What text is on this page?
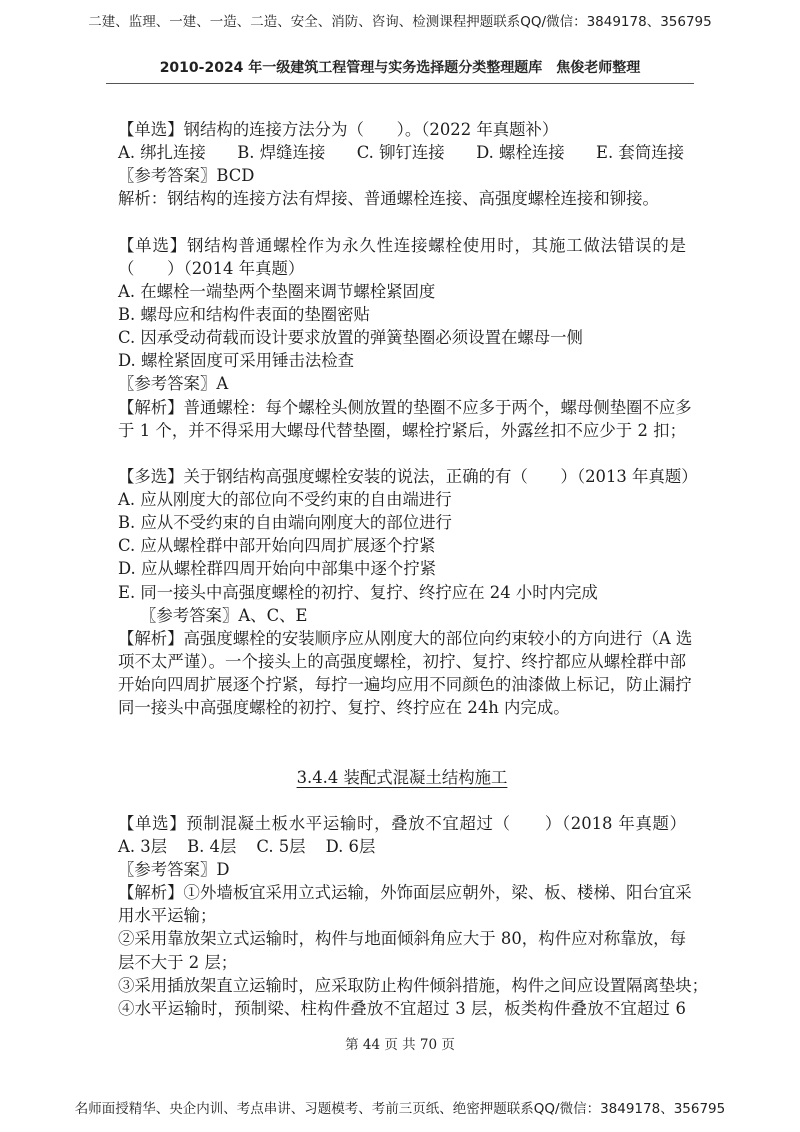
二建、监理、一建、一造、二造、安全、消防、咨询、检测课程押题联系QQ/微信：3849178、356795
2010-2024 年一级建筑工程管理与实务选择题分类整理题库　焦俊老师整理
【单选】钢结构的连接方法分为（　　）。（2022 年真题补）
A. 绑扎连接 B. 焊缝连接 C. 铆钉连接 D. 螺栓连接 E. 套筒连接
〖参考答案〗BCD
解析：钢结构的连接方法有焊接、普通螺栓连接、高强度螺栓连接和铆接。
【单选】钢结构普通螺栓作为永久性连接螺栓使用时，其施工做法错误的是
（　　）（2014 年真题）
A. 在螺栓一端垫两个垫圈来调节螺栓紧固度
B. 螺母应和结构件表面的垫圈密贴
C. 因承受动荷载而设计要求放置的弹簧垫圈必须设置在螺母一侧
D. 螺栓紧固度可采用锤击法检查
〖参考答案〗A
【解析】普通螺栓：每个螺栓头侧放置的垫圈不应多于两个，螺母侧垫圈不应多
于 1 个，并不得采用大螺母代替垫圈，螺栓拧紧后，外露丝扣不应少于 2 扣；
【多选】关于钢结构高强度螺栓安装的说法，正确的有（　　）（2013 年真题）
A. 应从刚度大的部位向不受约束的自由端进行
B. 应从不受约束的自由端向刚度大的部位进行
C. 应从螺栓群中部开始向四周扩展逐个拧紧
D. 应从螺栓群四周开始向中部集中逐个拧紧
E. 同一接头中高强度螺栓的初拧、复拧、终拧应在 24 小时内完成
〖参考答案〗A、C、E
【解析】高强度螺栓的安装顺序应从刚度大的部位向约束较小的方向进行（A 选
项不太严谨）。一个接头上的高强度螺栓，初拧、复拧、终拧都应从螺栓群中部
开始向四周扩展逐个拧紧，每拧一遍均应用不同颜色的油漆做上标记，防止漏拧
同一接头中高强度螺栓的初拧、复拧、终拧应在 24h 内完成。
3.4.4 装配式混凝土结构施工
【单选】预制混凝土板水平运输时，叠放不宜超过（　　）（2018 年真题）
A. 3层 B. 4层 C. 5层 D. 6层
〖参考答案〗D
【解析】①外墙板宜采用立式运输，外饰面层应朝外，梁、板、楼梯、阳台宜采
用水平运输；
②采用靠放架立式运输时，构件与地面倾斜角应大于 80，构件应对称靠放，每
层不大于 2 层；
③采用插放架直立运输时，应采取防止构件倾斜措施，构件之间应设置隔离垫块；
④水平运输时，预制梁、柱构件叠放不宜超过 3 层，板类构件叠放不宜超过 6
第 44 页 共 70 页
名师面授精华、央企内训、考点串讲、习题模考、考前三页纸、绝密押题联系QQ/微信：3849178、356795
